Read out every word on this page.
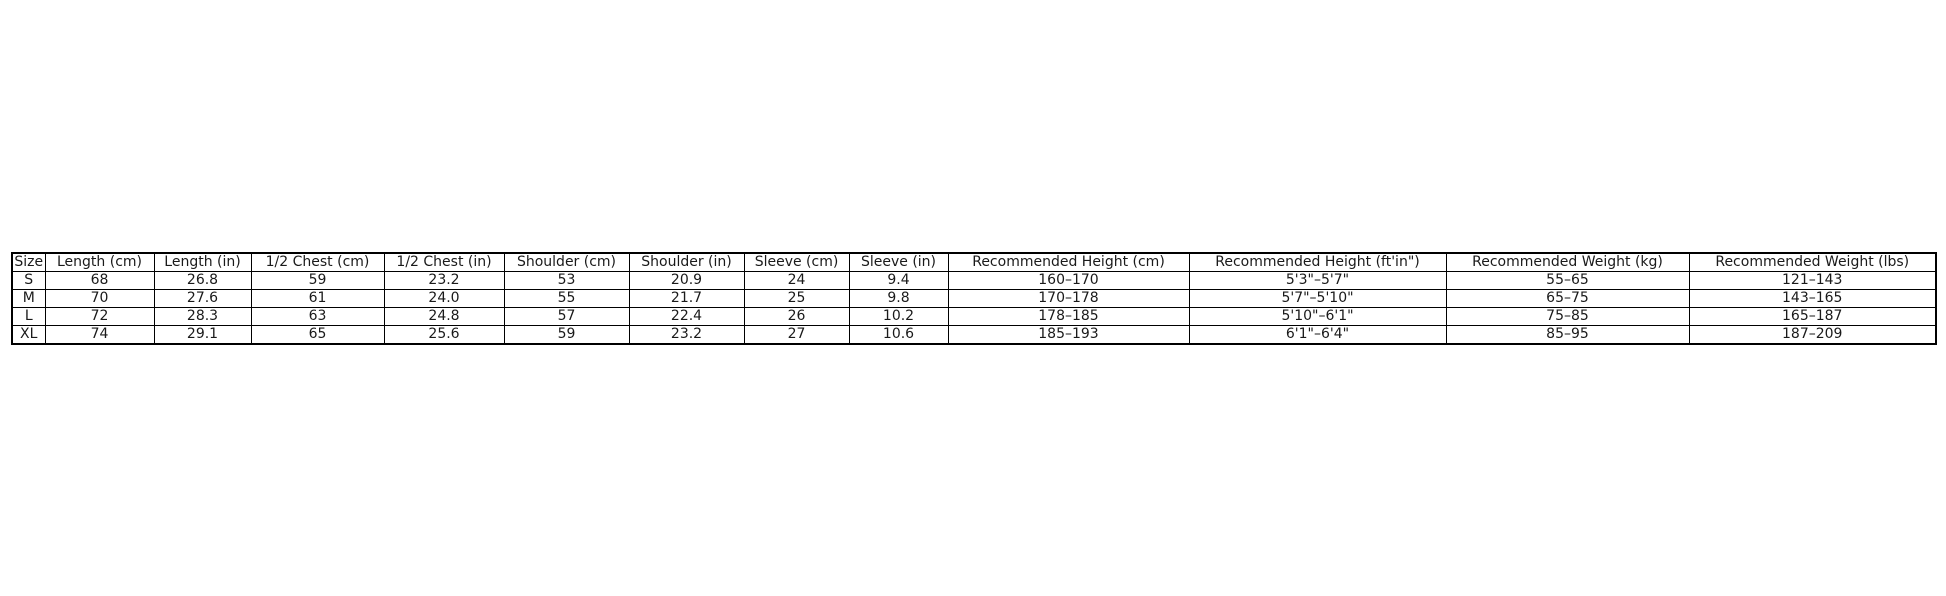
Size	Length (cm)	Length (in)	1/2 Chest (cm)	1/2 Chest (in)	Shoulder (cm)	Shoulder (in)	Sleeve (cm)	Sleeve (in)	Recommended Height (cm)	Recommended Height (ft'in")	Recommended Weight (kg)	Recommended Weight (lbs)
S	68	26.8	59	23.2	53	20.9	24	9.4	160–170	5'3"–5'7"	55–65	121–143
M	70	27.6	61	24.0	55	21.7	25	9.8	170–178	5'7"–5'10"	65–75	143–165
L	72	28.3	63	24.8	57	22.4	26	10.2	178–185	5'10"–6'1"	75–85	165–187
XL	74	29.1	65	25.6	59	23.2	27	10.6	185–193	6'1"–6'4"	85–95	187–209
